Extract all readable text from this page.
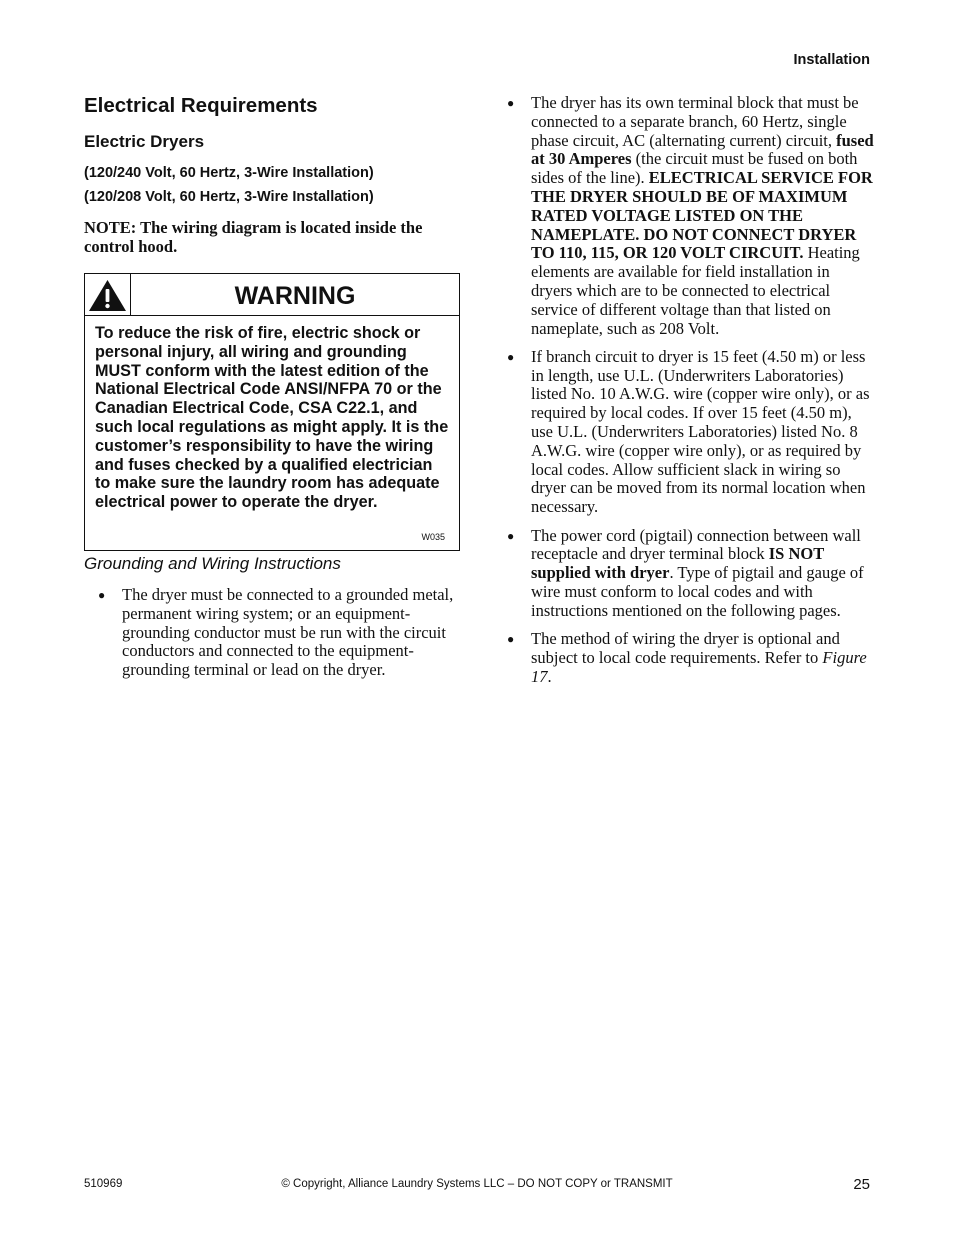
Installation
Electrical Requirements
Electric Dryers
(120/240 Volt, 60 Hertz, 3-Wire Installation)
(120/208 Volt, 60 Hertz, 3-Wire Installation)
NOTE: The wiring diagram is located inside the control hood.
WARNING
To reduce the risk of fire, electric shock or personal injury, all wiring and grounding MUST conform with the latest edition of the National Electrical Code ANSI/NFPA 70 or the Canadian Electrical Code, CSA C22.1, and such local regulations as might apply. It is the customer’s responsibility to have the wiring and fuses checked by a qualified electrician to make sure the laundry room has adequate electrical power to operate the dryer.
W035
Grounding and Wiring Instructions
● The dryer must be connected to a grounded metal, permanent wiring system; or an equipment-grounding conductor must be run with the circuit conductors and connected to the equipment-grounding terminal or lead on the dryer.
● The dryer has its own terminal block that must be connected to a separate branch, 60 Hertz, single phase circuit, AC (alternating current) circuit, fused at 30 Amperes (the circuit must be fused on both sides of the line). ELECTRICAL SERVICE FOR THE DRYER SHOULD BE OF MAXIMUM RATED VOLTAGE LISTED ON THE NAMEPLATE. DO NOT CONNECT DRYER TO 110, 115, OR 120 VOLT CIRCUIT. Heating elements are available for field installation in dryers which are to be connected to electrical service of different voltage than that listed on nameplate, such as 208 Volt.
● If branch circuit to dryer is 15 feet (4.50 m) or less in length, use U.L. (Underwriters Laboratories) listed No. 10 A.W.G. wire (copper wire only), or as required by local codes. If over 15 feet (4.50 m), use U.L. (Underwriters Laboratories) listed No. 8 A.W.G. wire (copper wire only), or as required by local codes. Allow sufficient slack in wiring so dryer can be moved from its normal location when necessary.
● The power cord (pigtail) connection between wall receptacle and dryer terminal block IS NOT supplied with dryer. Type of pigtail and gauge of wire must conform to local codes and with instructions mentioned on the following pages.
● The method of wiring the dryer is optional and subject to local code requirements. Refer to Figure 17.
510969	© Copyright, Alliance Laundry Systems LLC – DO NOT COPY or TRANSMIT	25
